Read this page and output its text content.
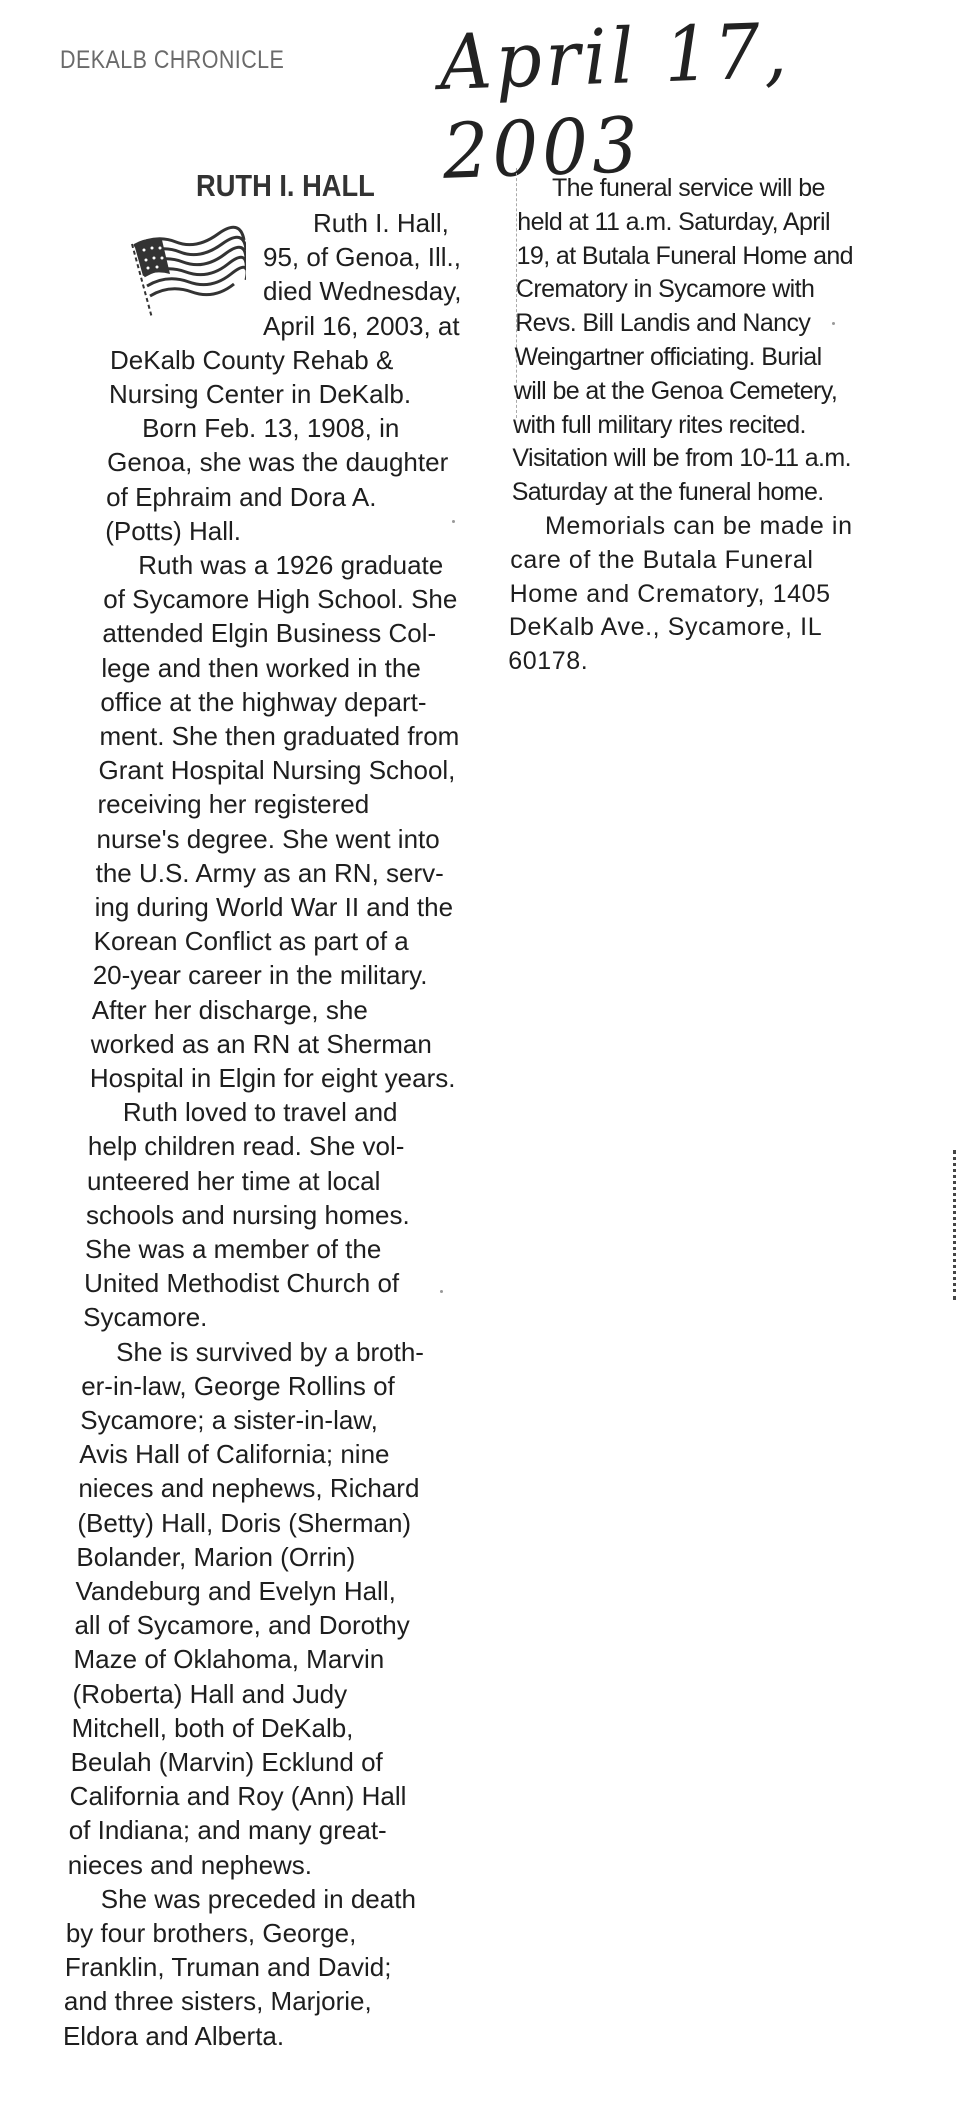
DEKALB CHRONICLE April 17, 2003
RUTH I. HALL
Ruth I. Hall,
95, of Genoa, Ill.,
died Wednesday,
April 16, 2003, at
DeKalb County Rehab &
Nursing Center in DeKalb.
Born Feb. 13, 1908, in
Genoa, she was the daughter
of Ephraim and Dora A.
(Potts) Hall.
Ruth was a 1926 graduate
of Sycamore High School. She
attended Elgin Business Col-
lege and then worked in the
office at the highway depart-
ment. She then graduated from
Grant Hospital Nursing School,
receiving her registered
nurse's degree. She went into
the U.S. Army as an RN, serv-
ing during World War II and the
Korean Conflict as part of a
20-year career in the military.
After her discharge, she
worked as an RN at Sherman
Hospital in Elgin for eight years.
Ruth loved to travel and
help children read. She vol-
unteered her time at local
schools and nursing homes.
She was a member of the
United Methodist Church of
Sycamore.
She is survived by a broth-
er-in-law, George Rollins of
Sycamore; a sister-in-law,
Avis Hall of California; nine
nieces and nephews, Richard
(Betty) Hall, Doris (Sherman)
Bolander, Marion (Orrin)
Vandeburg and Evelyn Hall,
all of Sycamore, and Dorothy
Maze of Oklahoma, Marvin
(Roberta) Hall and Judy
Mitchell, both of DeKalb,
Beulah (Marvin) Ecklund of
California and Roy (Ann) Hall
of Indiana; and many great-
nieces and nephews.
She was preceded in death
by four brothers, George,
Franklin, Truman and David;
and three sisters, Marjorie,
Eldora and Alberta.
The funeral service will be
held at 11 a.m. Saturday, April
19, at Butala Funeral Home and
Crematory in Sycamore with
Revs. Bill Landis and Nancy
Weingartner officiating. Burial
will be at the Genoa Cemetery,
with full military rites recited.
Visitation will be from 10-11 a.m.
Saturday at the funeral home.
Memorials can be made in
care of the Butala Funeral
Home and Crematory, 1405
DeKalb Ave., Sycamore, IL
60178.
